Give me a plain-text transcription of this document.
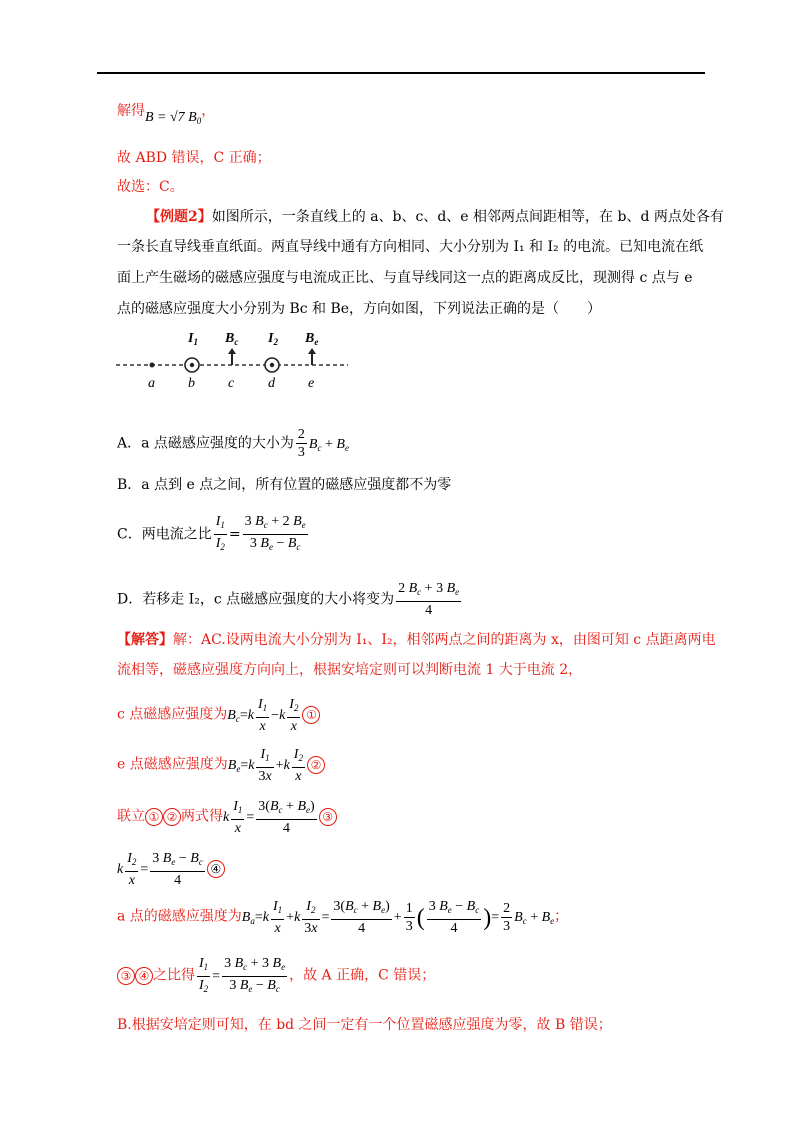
解得B = √7 $B_0$，
故 ABD 错误，C 正确；
故选：C。
【例题2】如图所示，一条直线上的 a、b、c、d、e 相邻两点间距相等，在 b、d 两点处各有
一条长直导线垂直纸面。两直导线中通有方向相同、大小分别为 I₁ 和 I₂ 的电流。已知电流在纸
面上产生磁场的磁感应强度与电流成正比、与直导线同这一点的距离成反比，现测得 c 点与 e
点的磁感应强度大小分别为 Bc 和 Be，方向如图，下列说法正确的是（　　）
$I_1$ $B_c$ $I_2$ $B_e$
a b c d e
A．a 点磁感应强度的大小为 $\frac{2}{3} B_c + B_e$
B．a 点到 e 点之间，所有位置的磁感应强度都不为零
C．两电流之比 $\frac{I_1}{I_2} = \frac{3 B_c + 2 B_e}{3 B_e - B_c}$
D．若移走 I₂，c 点磁感应强度的大小将变为 $\frac{2 B_c + 3 B_e}{4}$
【解答】解：AC.设两电流大小分别为 I₁、I₂，相邻两点之间的距离为 x，由图可知 c 点距离两电
流相等，磁感应强度方向向上，根据安培定则可以判断电流 1 大于电流 2，
c 点磁感应强度为$B_c=k \frac{I_1}{x} -k \frac{I_2}{x}$ ①
e 点磁感应强度为$B_e=k \frac{I_1}{3x} +k \frac{I_2}{x}$ ②
联立 ① ② 两式得k $\frac{I_1}{x} = \frac{3(B_c + B_e)}{4}$ ③
k $\frac{I_2}{x} = \frac{3 B_e - B_c}{4}$ ④
a 点的磁感应强度为$B_a=k \frac{I_1}{x} +k \frac{I_2}{3x} = \frac{3(B_c + B_e)}{4} + \frac{1}{3}$ ( $\frac{3 B_e - B_c}{4}$ )= $\frac{2}{3} B_c + B_e$；
③ ④ 之比得 $\frac{I_1}{I_2} = \frac{3 B_c + 3 B_e}{3 B_e - B_c}$ ，故 A 正确，C 错误；
B.根据安培定则可知，在 bd 之间一定有一个位置磁感应强度为零，故 B 错误；
